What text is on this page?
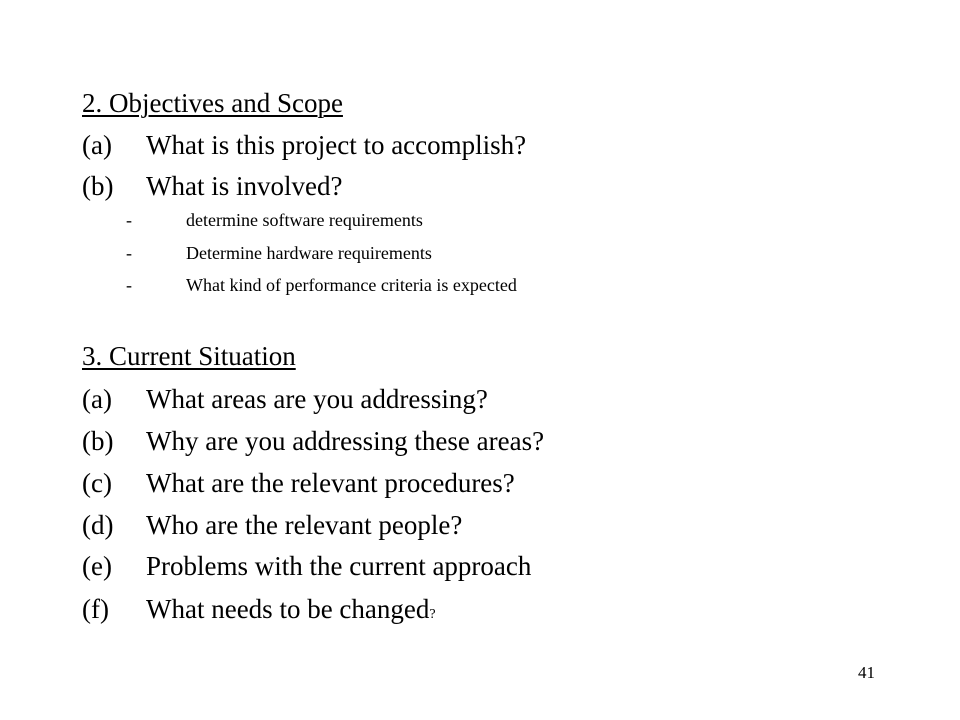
2. Objectives and Scope
(a) What is this project to accomplish?
(b) What is involved?
-	determine software requirements
-	Determine hardware requirements
-	What kind of performance criteria is expected
3. Current Situation
(a) What areas are you addressing?
(b) Why are you addressing these areas?
(c) What are the relevant procedures?
(d) Who are the relevant people?
(e) Problems with the current approach
(f) What needs to be changed?
41
